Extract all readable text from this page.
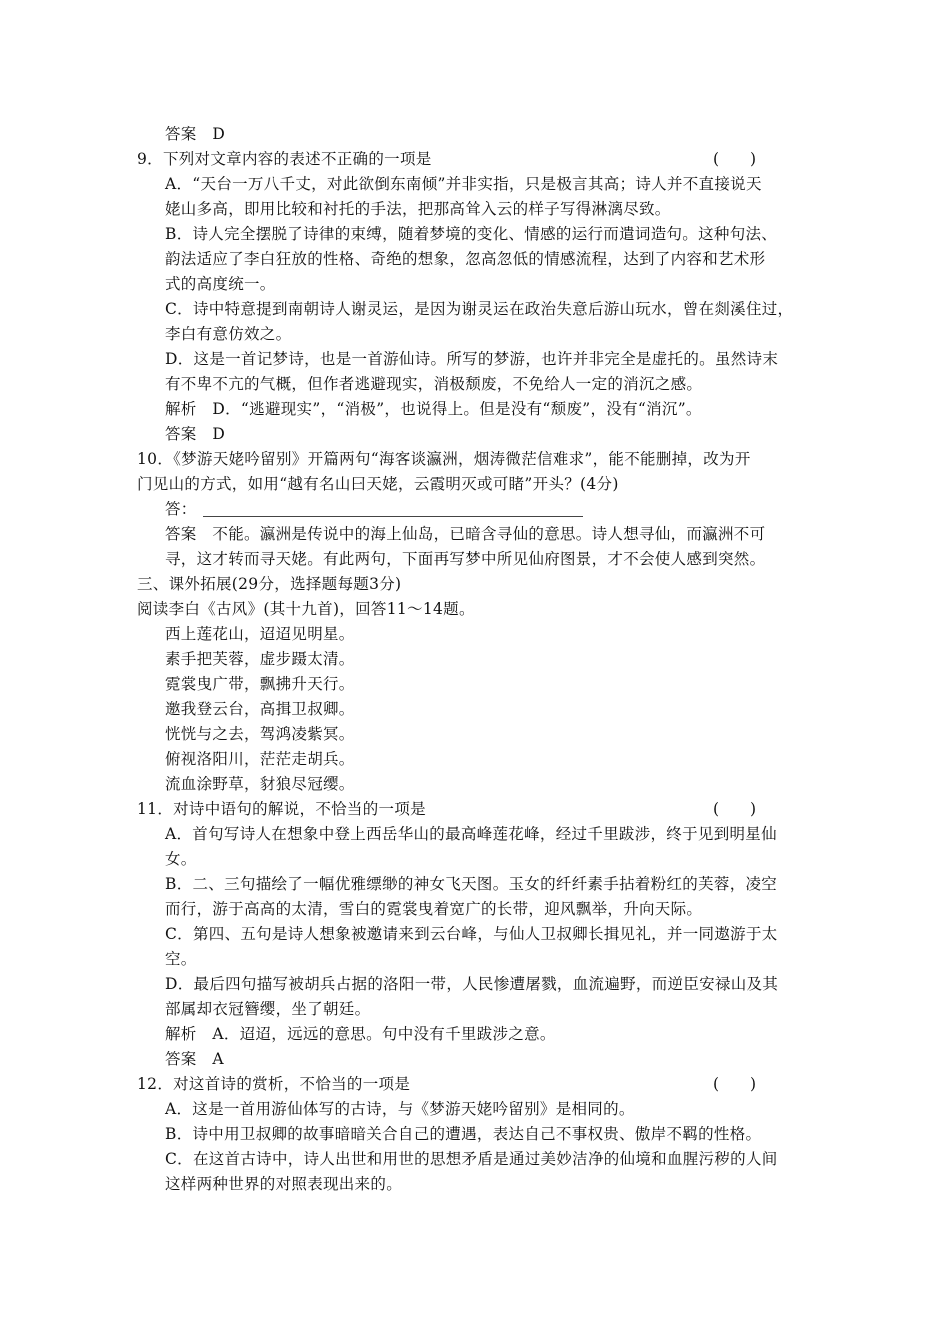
答案　D
9．下列对文章内容的表述不正确的一项是	(　　)
A．“天台一万八千丈，对此欲倒东南倾”并非实指，只是极言其高；诗人并不直接说天
姥山多高，即用比较和衬托的手法，把那高耸入云的样子写得淋漓尽致。
B．诗人完全摆脱了诗律的束缚，随着梦境的变化、情感的运行而遣词造句。这种句法、
韵法适应了李白狂放的性格、奇绝的想象，忽高忽低的情感流程，达到了内容和艺术形
式的高度统一。
C．诗中特意提到南朝诗人谢灵运，是因为谢灵运在政治失意后游山玩水，曾在剡溪住过，
李白有意仿效之。
D．这是一首记梦诗，也是一首游仙诗。所写的梦游，也许并非完全是虚托的。虽然诗末
有不卑不亢的气概，但作者逃避现实，消极颓废，不免给人一定的消沉之感。
解析　D．“逃避现实”，“消极”，也说得上。但是没有“颓废”，没有“消沉”。
答案　D
10．《梦游天姥吟留别》开篇两句“海客谈瀛洲，烟涛微茫信难求”，能不能删掉，改为开
门见山的方式，如用“越有名山曰天姥，云霞明灭或可睹”开头？(4分)
答：
答案　不能。瀛洲是传说中的海上仙岛，已暗含寻仙的意思。诗人想寻仙，而瀛洲不可
寻，这才转而寻天姥。有此两句，下面再写梦中所见仙府图景，才不会使人感到突然。
三、课外拓展(29分，选择题每题3分)
阅读李白《古风》(其十九首)，回答11～14题。
西上莲花山，迢迢见明星。
素手把芙蓉，虚步蹑太清。
霓裳曳广带，飘拂升天行。
邀我登云台，高揖卫叔卿。
恍恍与之去，驾鸿凌紫冥。
俯视洛阳川，茫茫走胡兵。
流血涂野草，豺狼尽冠缨。
11．对诗中语句的解说，不恰当的一项是	(　　)
A．首句写诗人在想象中登上西岳华山的最高峰莲花峰，经过千里跋涉，终于见到明星仙
女。
B．二、三句描绘了一幅优雅缥缈的神女飞天图。玉女的纤纤素手拈着粉红的芙蓉，凌空
而行，游于高高的太清，雪白的霓裳曳着宽广的长带，迎风飘举，升向天际。
C．第四、五句是诗人想象被邀请来到云台峰，与仙人卫叔卿长揖见礼，并一同遨游于太
空。
D．最后四句描写被胡兵占据的洛阳一带，人民惨遭屠戮，血流遍野，而逆臣安禄山及其
部属却衣冠簪缨，坐了朝廷。
解析　A．迢迢，远远的意思。句中没有千里跋涉之意。
答案　A
12．对这首诗的赏析，不恰当的一项是	(　　)
A．这是一首用游仙体写的古诗，与《梦游天姥吟留别》是相同的。
B．诗中用卫叔卿的故事暗暗关合自己的遭遇，表达自己不事权贵、傲岸不羁的性格。
C．在这首古诗中，诗人出世和用世的思想矛盾是通过美妙洁净的仙境和血腥污秽的人间
这样两种世界的对照表现出来的。
